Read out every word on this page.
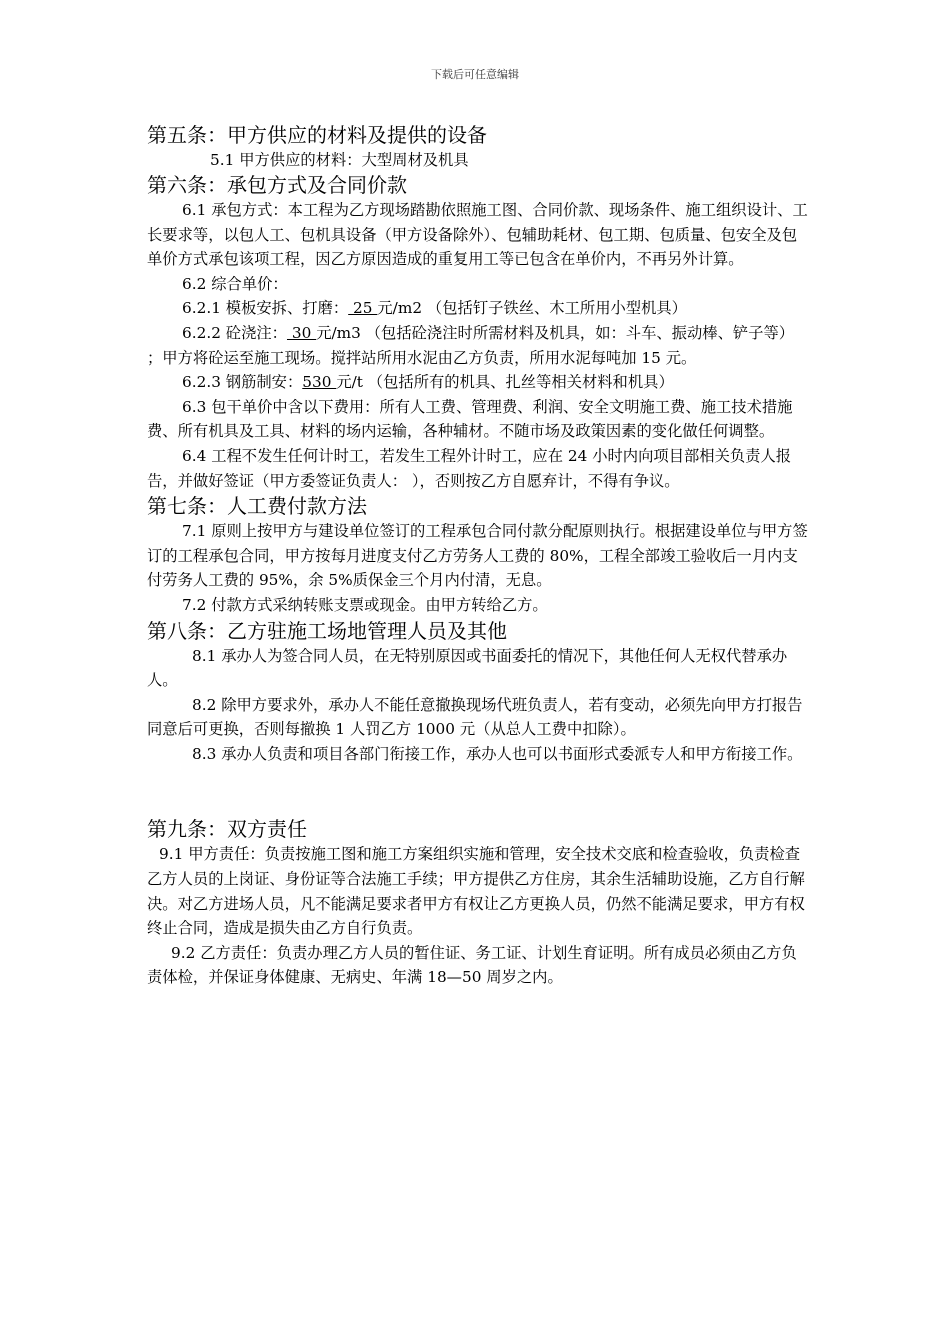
下载后可任意编辑
第五条：甲方供应的材料及提供的设备

5.1 甲方供应的材料：大型周材及机具

第六条：承包方式及合同价款

6.1 承包方式：本工程为乙方现场踏勘依照施工图、合同价款、现场条件、施工组织设计、工长要求等，以包人工、包机具设备（甲方设备除外）、包辅助耗材、包工期、包质量、包安全及包单价方式承包该项工程，因乙方原因造成的重复用工等已包含在单价内，不再另外计算。

6.2 综合单价：

6.2.1 模板安拆、打磨： 25 元/m2 （包括钉子铁丝、木工所用小型机具）

6.2.2 砼浇注： 30 元/m3 （包括砼浇注时所需材料及机具，如：斗车、振动棒、铲子等） ；甲方将砼运至施工现场。搅拌站所用水泥由乙方负责，所用水泥每吨加 15 元。

6.2.3 钢筋制安：530 元/t （包括所有的机具、扎丝等相关材料和机具）

6.3 包干单价中含以下费用：所有人工费、管理费、利润、安全文明施工费、施工技术措施费、所有机具及工具、材料的场内运输，各种辅材。不随市场及政策因素的变化做任何调整。

6.4 工程不发生任何计时工，若发生工程外计时工，应在 24 小时内向项目部相关负责人报告，并做好签证（甲方委签证负责人： ），否则按乙方自愿弃计，不得有争议。

第七条：人工费付款方法

7.1 原则上按甲方与建设单位签订的工程承包合同付款分配原则执行。根据建设单位与甲方签订的工程承包合同，甲方按每月进度支付乙方劳务人工费的 80%，工程全部竣工验收后一月内支付劳务人工费的 95%，余 5%质保金三个月内付清，无息。

7.2 付款方式采纳转账支票或现金。由甲方转给乙方。

第八条：乙方驻施工场地管理人员及其他

8.1 承办人为签合同人员，在无特别原因或书面委托的情况下，其他任何人无权代替承办人。

8.2 除甲方要求外，承办人不能任意撤换现场代班负责人，若有变动，必须先向甲方打报告同意后可更换，否则每撤换 1 人罚乙方 1000 元（从总人工费中扣除）。

8.3 承办人负责和项目各部门衔接工作，承办人也可以书面形式委派专人和甲方衔接工作。

第九条：双方责任

9.1 甲方责任：负责按施工图和施工方案组织实施和管理，安全技术交底和检查验收，负责检查乙方人员的上岗证、身份证等合法施工手续；甲方提供乙方住房，其余生活辅助设施，乙方自行解决。对乙方进场人员，凡不能满足要求者甲方有权让乙方更换人员，仍然不能满足要求，甲方有权终止合同，造成是损失由乙方自行负责。

9.2 乙方责任：负责办理乙方人员的暂住证、务工证、计划生育证明。所有成员必须由乙方负责体检，并保证身体健康、无病史、年满 18—50 周岁之内。
